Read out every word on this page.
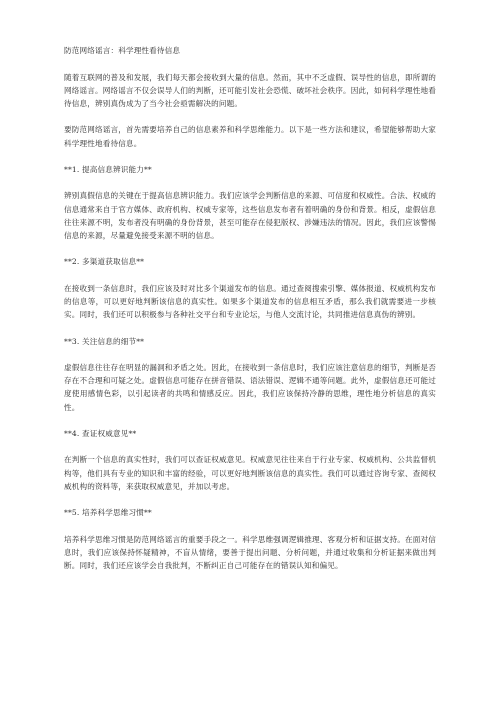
防范网络谣言：科学理性看待信息

随着互联网的普及和发展，我们每天都会接收到大量的信息。然而，其中不乏虚假、误导性的信息，即所谓的网络谣言。网络谣言不仅会误导人们的判断，还可能引发社会恐慌、破坏社会秩序。因此，如何科学理性地看待信息，辨别真伪成为了当今社会亟需解决的问题。

要防范网络谣言，首先需要培养自己的信息素养和科学思维能力。以下是一些方法和建议，希望能够帮助大家科学理性地看待信息。

**1. 提高信息辨识能力**

辨别真假信息的关键在于提高信息辨识能力。我们应该学会判断信息的来源、可信度和权威性。合法、权威的信息通常来自于官方媒体、政府机构、权威专家等，这些信息发布者有着明确的身份和背景。相反，虚假信息往往来源不明，发布者没有明确的身份背景，甚至可能存在侵犯版权、涉嫌违法的情况。因此，我们应该警惕信息的来源，尽量避免接受来源不明的信息。

**2. 多渠道获取信息**

在接收到一条信息时，我们应该及时对比多个渠道发布的信息。通过查阅搜索引擎、媒体报道、权威机构发布的信息等，可以更好地判断该信息的真实性。如果多个渠道发布的信息相互矛盾，那么我们就需要进一步核实。同时，我们还可以积极参与各种社交平台和专业论坛，与他人交流讨论，共同推进信息真伪的辨别。

**3. 关注信息的细节**

虚假信息往往存在明显的漏洞和矛盾之处。因此，在接收到一条信息时，我们应该注意信息的细节，判断是否存在不合理和可疑之处。虚假信息可能存在拼音错误、语法错误、逻辑不通等问题。此外，虚假信息还可能过度使用感情色彩，以引起读者的共鸣和情感反应。因此，我们应该保持冷静的思维，理性地分析信息的真实性。

**4. 查证权威意见**

在判断一个信息的真实性时，我们可以查证权威意见。权威意见往往来自于行业专家、权威机构、公共监督机构等，他们具有专业的知识和丰富的经验，可以更好地判断该信息的真实性。我们可以通过咨询专家、查阅权威机构的资料等，来获取权威意见，并加以考虑。

**5. 培养科学思维习惯**

培养科学思维习惯是防范网络谣言的重要手段之一。科学思维强调逻辑推理、客观分析和证据支持。在面对信息时，我们应该保持怀疑精神，不盲从情绪，要善于提出问题、分析问题，并通过收集和分析证据来做出判断。同时，我们还应该学会自我批判，不断纠正自己可能存在的错误认知和偏见。
